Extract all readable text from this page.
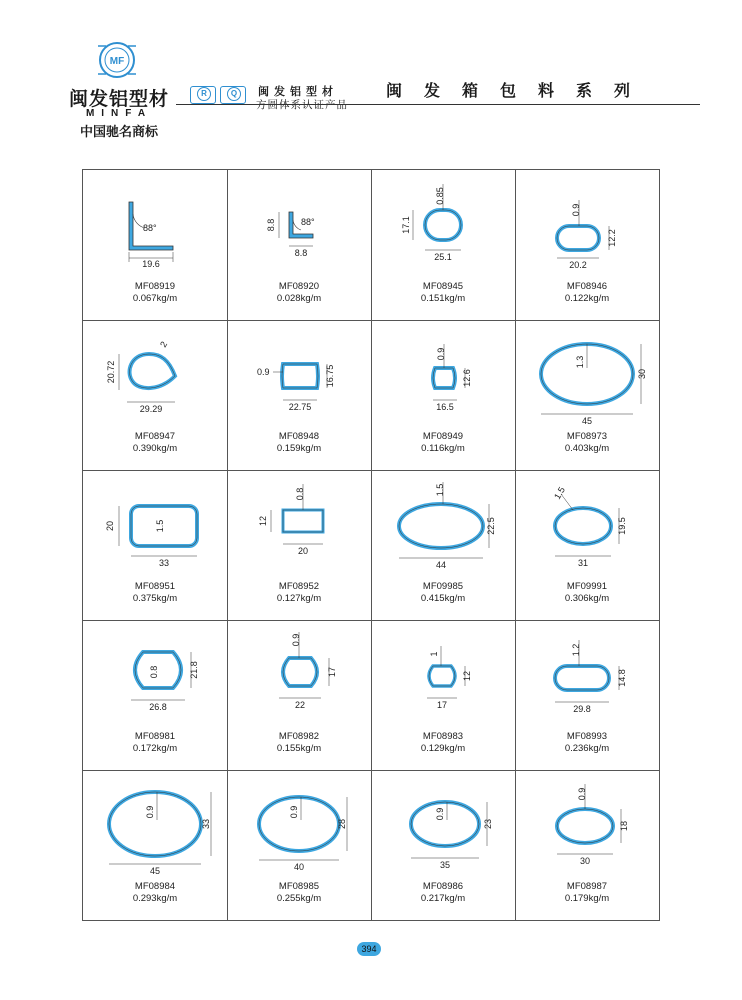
MF
闽发铝型材
MINFA
中国驰名商标
R	Q	闽发铝型材
方圆体系认证产品
闽发箱包料系列
88°
19.6
MF08919
0.067kg/m
8.8	88°
8.8
MF08920
0.028kg/m
0.85
17.1
25.1
MF08945
0.151kg/m
0.9
12.2
20.2
MF08946
0.122kg/m
2
20.72
29.29
MF08947
0.390kg/m
0.9	16.75
22.75
MF08948
0.159kg/m
0.9
12.6
16.5
MF08949
0.116kg/m
1.3
30
45
MF08973
0.403kg/m
20	1.5
33
MF08951
0.375kg/m
0.8
12
20
MF08952
0.127kg/m
1.5
22.5
44
MF09985
0.415kg/m
1.5
19.5
31
MF09991
0.306kg/m
0.8	21.8
26.8
MF08981
0.172kg/m
0.9
17
22
MF08982
0.155kg/m
1
12
17
MF08983
0.129kg/m
1.2
14.8
29.8
MF08993
0.236kg/m
0.9
33
45
MF08984
0.293kg/m
0.9
28
40
MF08985
0.255kg/m
0.9
23
35
MF08986
0.217kg/m
0.9
18
30
MF08987
0.179kg/m
394
